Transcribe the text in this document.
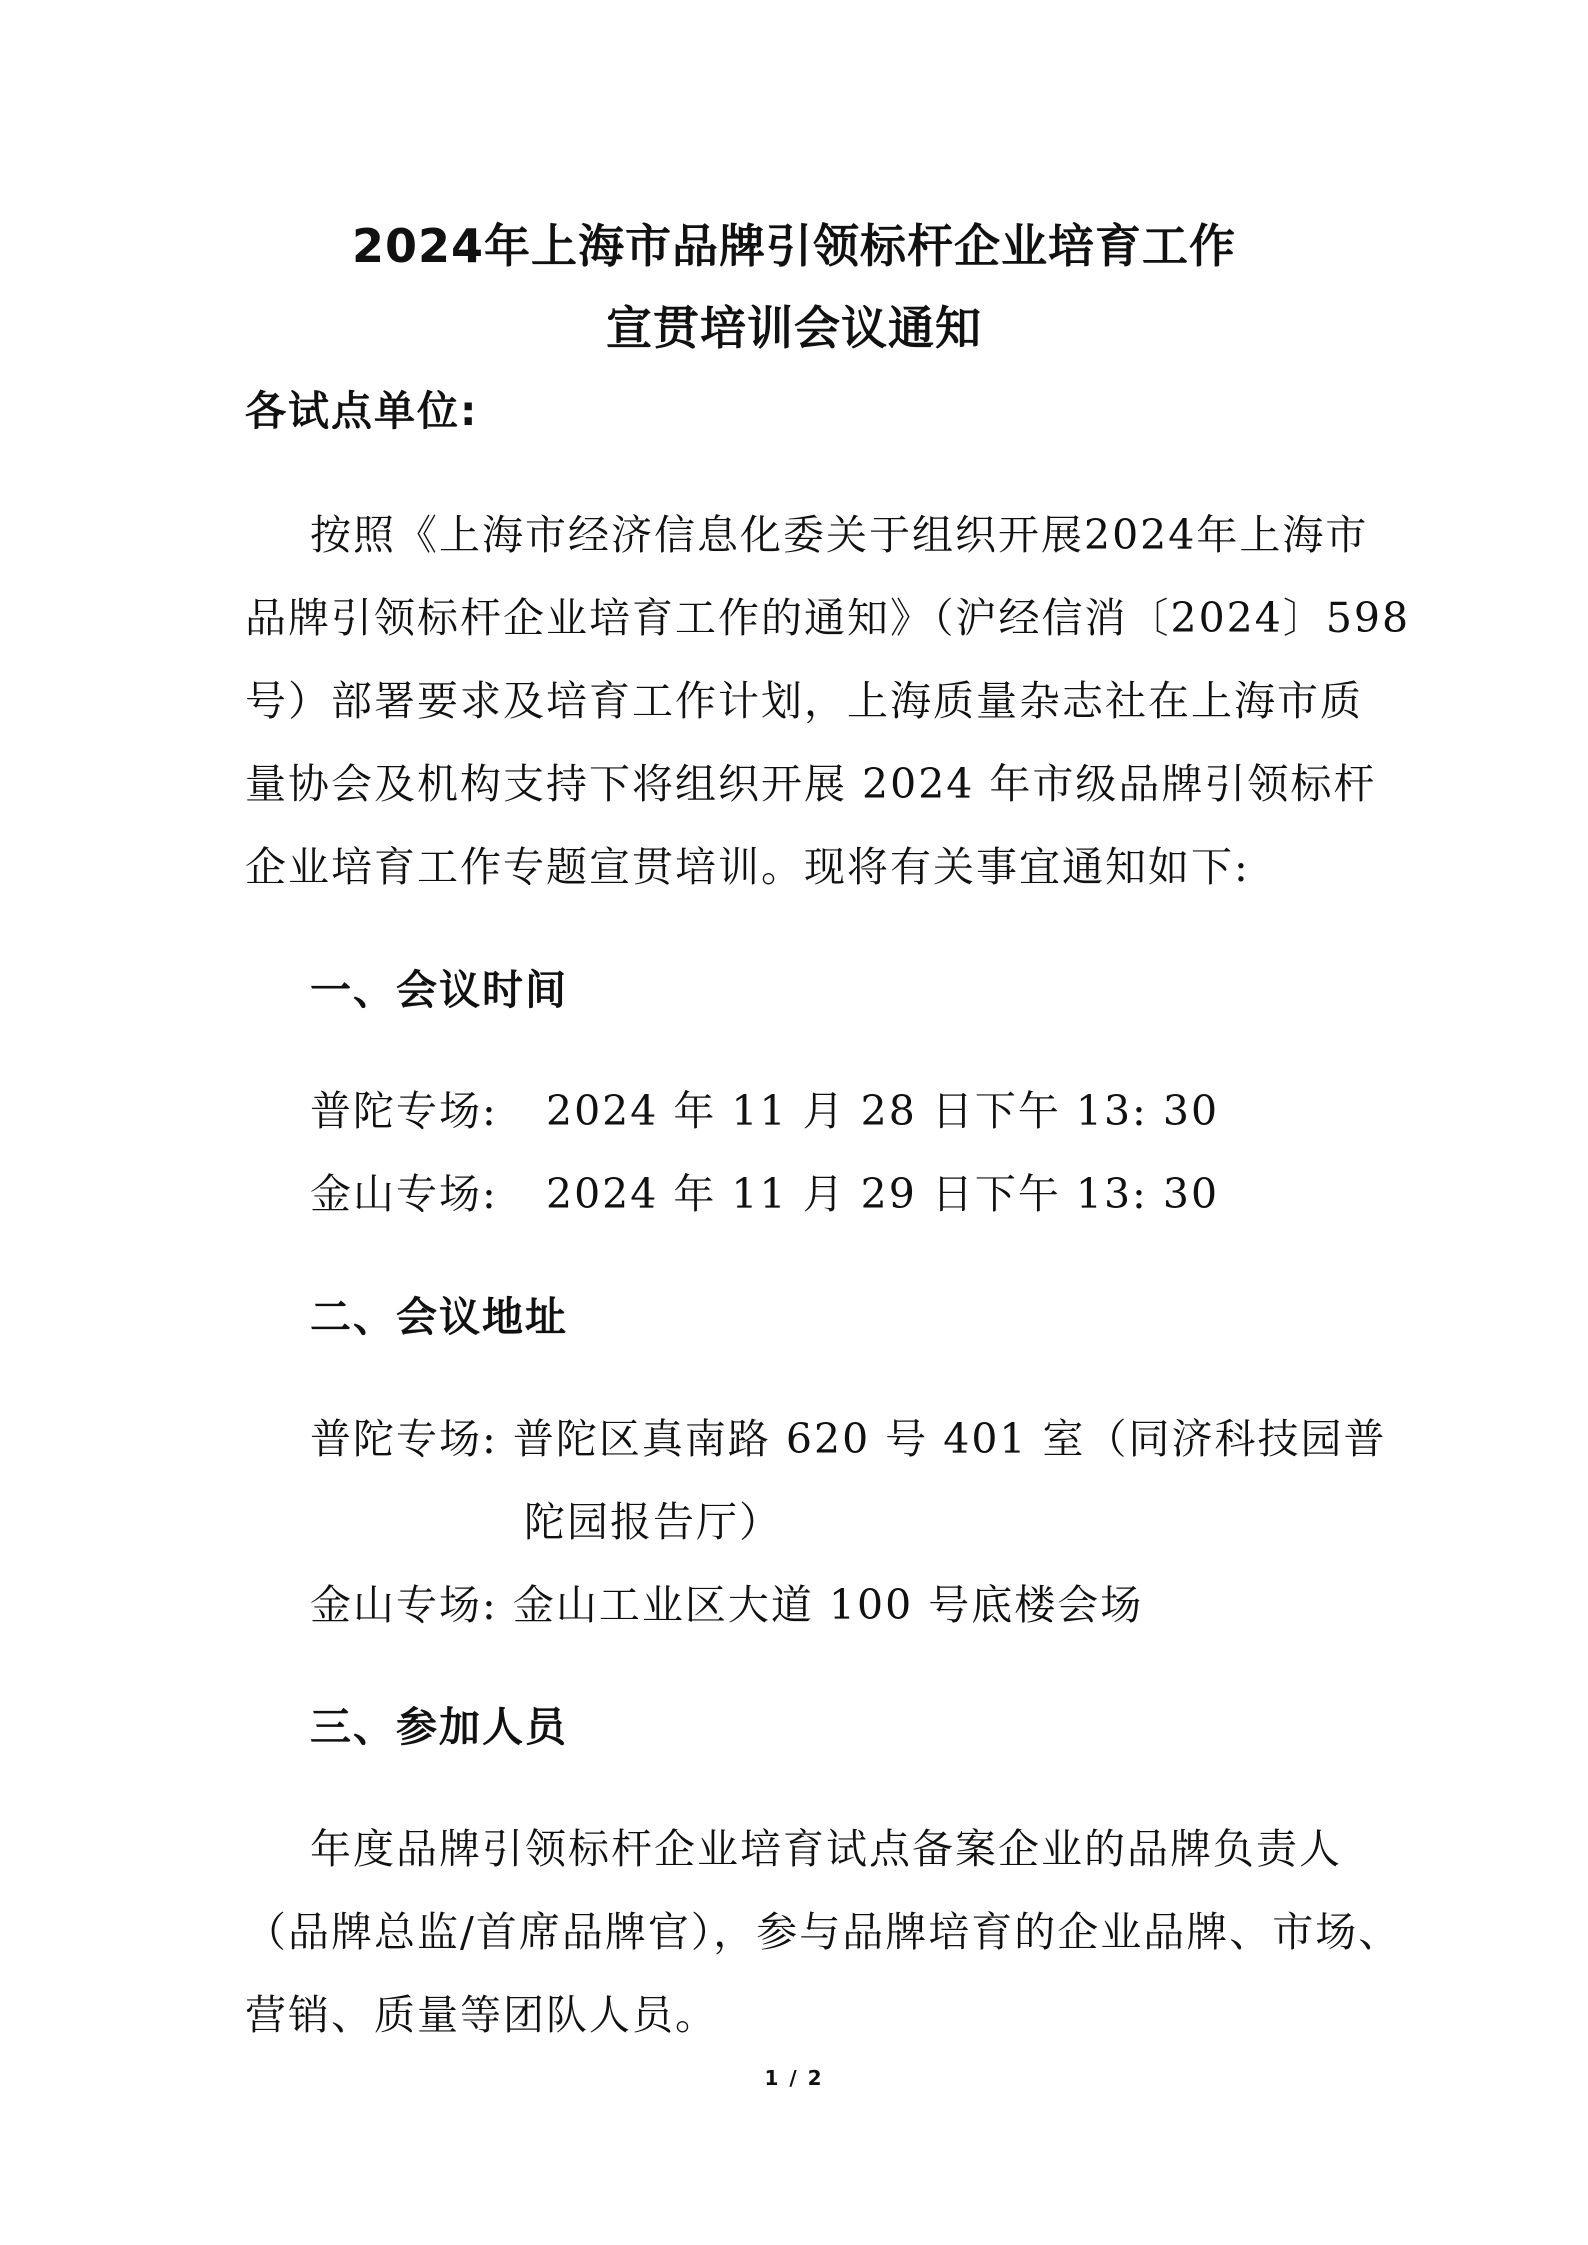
2024年上海市品牌引领标杆企业培育工作
宣贯培训会议通知
各试点单位:
按照《上海市经济信息化委关于组织开展2024年上海市
品牌引领标杆企业培育工作的通知》（沪经信消〔2024〕598
号）部署要求及培育工作计划，上海质量杂志社在上海市质
量协会及机构支持下将组织开展 2024 年市级品牌引领标杆
企业培育工作专题宣贯培训。现将有关事宜通知如下:
一、会议时间
普陀专场: 2024 年 11 月 28 日下午 13: 30
金山专场: 2024 年 11 月 29 日下午 13: 30
二、会议地址
普陀专场: 普陀区真南路 620 号 401 室（同济科技园普
陀园报告厅）
金山专场: 金山工业区大道 100 号底楼会场
三、参加人员
年度品牌引领标杆企业培育试点备案企业的品牌负责人
（品牌总监/首席品牌官），参与品牌培育的企业品牌、市场、
营销、质量等团队人员。
1 / 2
